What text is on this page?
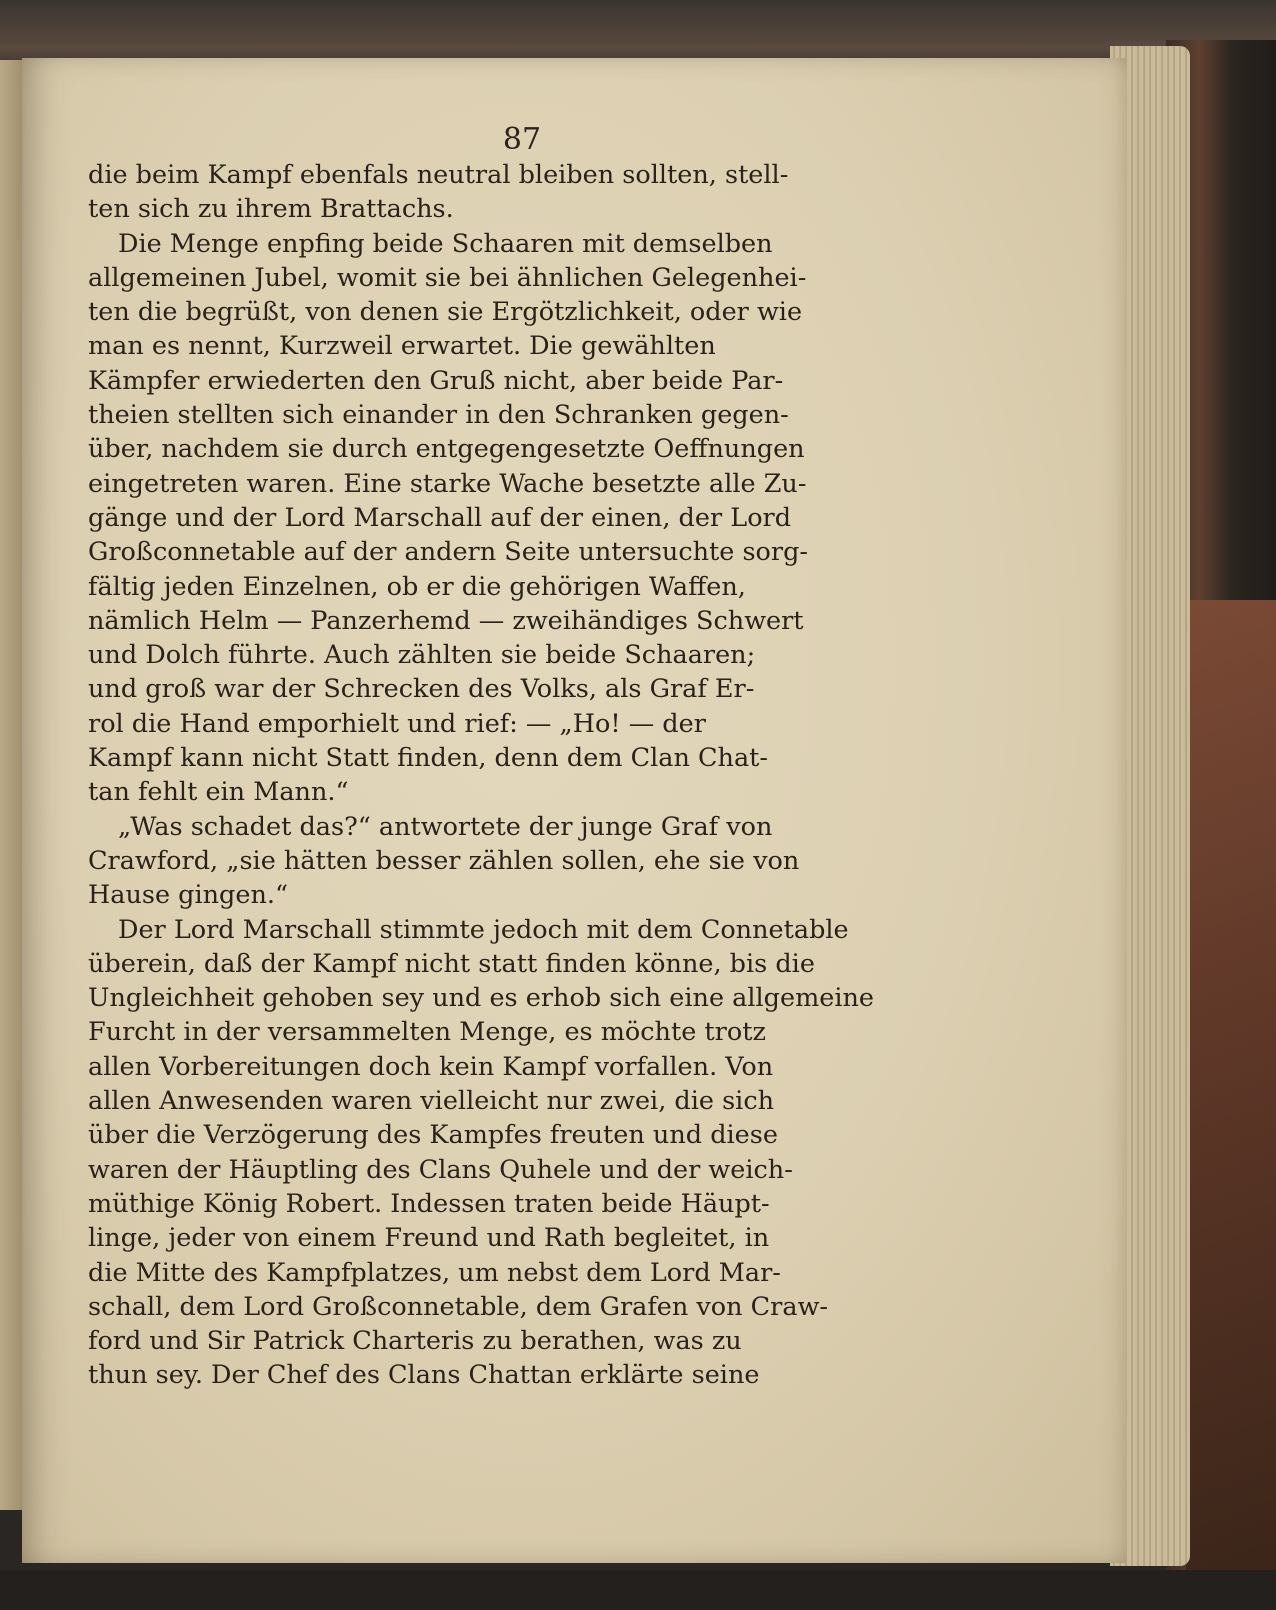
87
die beim Kampf ebenfals neutral bleiben sollten, stell-
ten sich zu ihrem Brattachs.
Die Menge enpfing beide Schaaren mit demselben
allgemeinen Jubel, womit sie bei ähnlichen Gelegenhei-
ten die begrüßt, von denen sie Ergötzlichkeit, oder wie
man es nennt, Kurzweil erwartet. Die gewählten
Kämpfer erwiederten den Gruß nicht, aber beide Par-
theien stellten sich einander in den Schranken gegen-
über, nachdem sie durch entgegengesetzte Oeffnungen
eingetreten waren. Eine starke Wache besetzte alle Zu-
gänge und der Lord Marschall auf der einen, der Lord
Großconnetable auf der andern Seite untersuchte sorg-
fältig jeden Einzelnen, ob er die gehörigen Waffen,
nämlich Helm — Panzerhemd — zweihändiges Schwert
und Dolch führte. Auch zählten sie beide Schaaren;
und groß war der Schrecken des Volks, als Graf Er-
rol die Hand emporhielt und rief: — „Ho! — der
Kampf kann nicht Statt finden, denn dem Clan Chat-
tan fehlt ein Mann.“
„Was schadet das?“ antwortete der junge Graf von
Crawford, „sie hätten besser zählen sollen, ehe sie von
Hause gingen.“
Der Lord Marschall stimmte jedoch mit dem Connetable
überein, daß der Kampf nicht statt finden könne, bis die
Ungleichheit gehoben sey und es erhob sich eine allgemeine
Furcht in der versammelten Menge, es möchte trotz
allen Vorbereitungen doch kein Kampf vorfallen. Von
allen Anwesenden waren vielleicht nur zwei, die sich
über die Verzögerung des Kampfes freuten und diese
waren der Häuptling des Clans Quhele und der weich-
müthige König Robert. Indessen traten beide Häupt-
linge, jeder von einem Freund und Rath begleitet, in
die Mitte des Kampfplatzes, um nebst dem Lord Mar-
schall, dem Lord Großconnetable, dem Grafen von Craw-
ford und Sir Patrick Charteris zu berathen, was zu
thun sey. Der Chef des Clans Chattan erklärte seine
